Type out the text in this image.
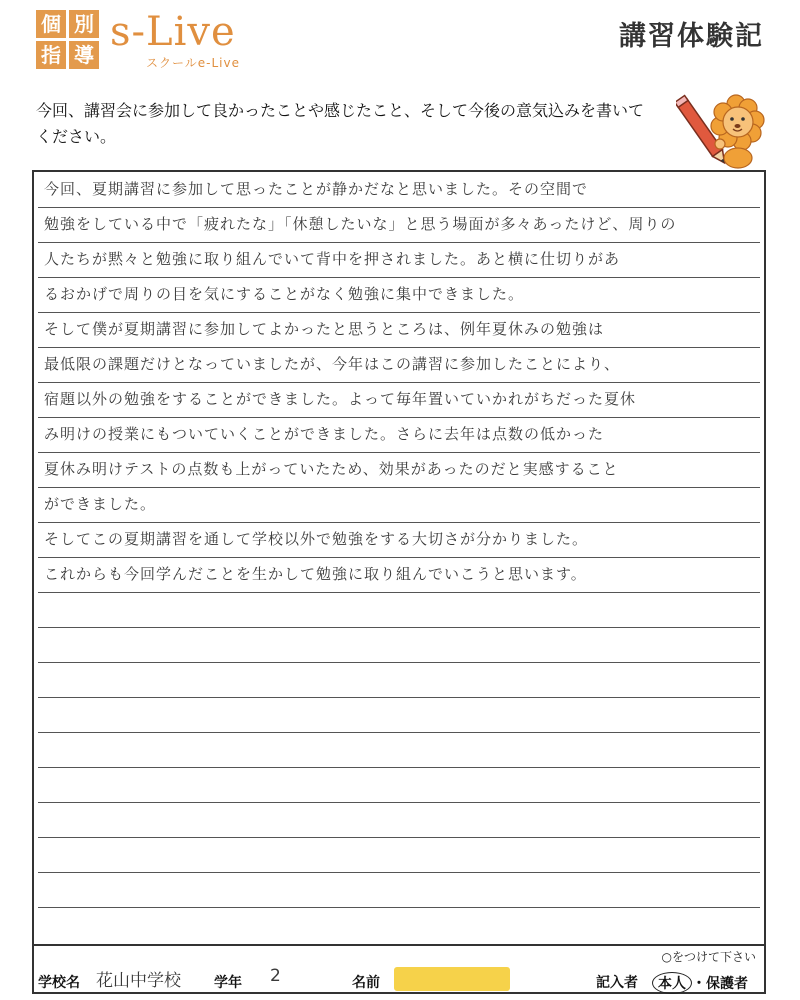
個 別
指 導 s-Live
スクールe-Live
講習体験記
今回、講習会に参加して良かったことや感じたこと、そして今後の意気込みを書いてください。
今回、夏期講習に参加して思ったことが静かだなと思いました。その空間で
勉強をしている中で「疲れたな」「休憩したいな」と思う場面が多々あったけど、周りの
人たちが黙々と勉強に取り組んでいて背中を押されました。あと横に仕切りがあ
るおかげで周りの目を気にすることがなく勉強に集中できました。
そして僕が夏期講習に参加してよかったと思うところは、例年夏休みの勉強は
最低限の課題だけとなっていましたが、今年はこの講習に参加したことにより、
宿題以外の勉強をすることができました。よって毎年置いていかれがちだった夏休
み明けの授業にもついていくことができました。さらに去年は点数の低かった
夏休み明けテストの点数も上がっていたため、効果があったのだと実感すること
ができました。
そしてこの夏期講習を通して学校以外で勉強をする大切さが分かりました。
これからも今回学んだことを生かして勉強に取り組んでいこうと思います。
○をつけて下さい
学校名 花山中学校 学年 2	名前	記入者	本人 ・保護者
